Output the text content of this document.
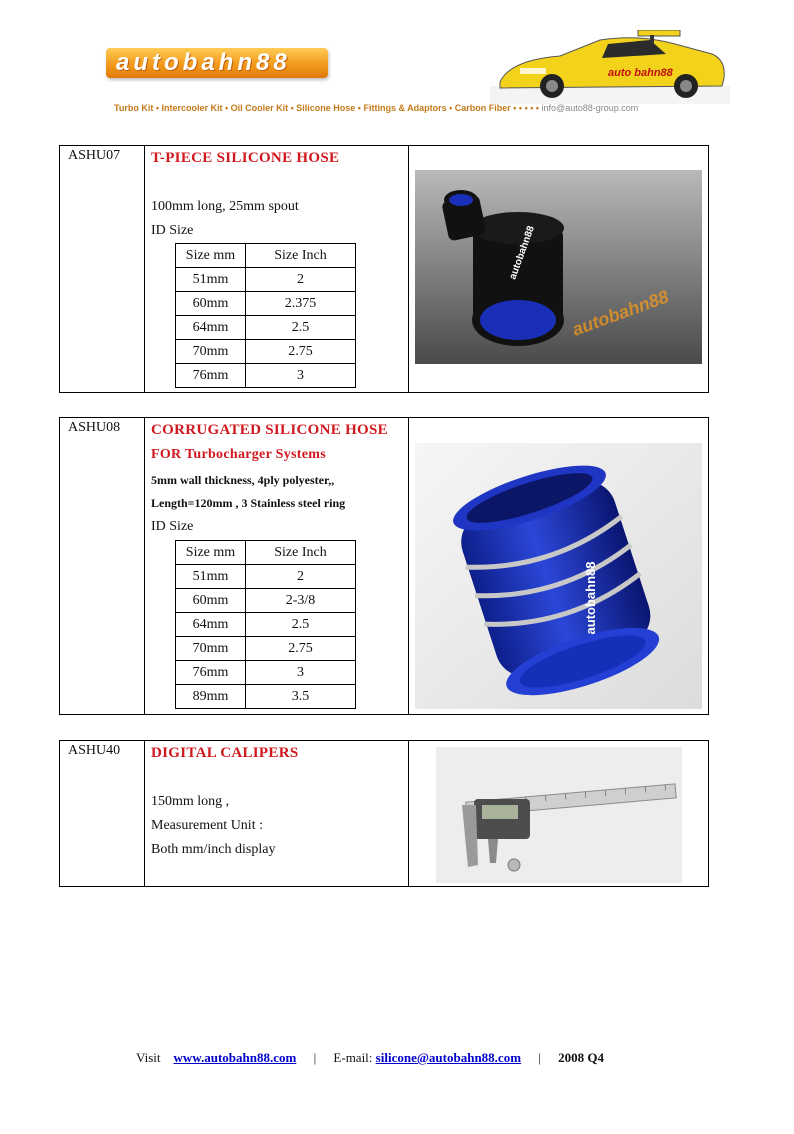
autobahn88	auto bahn88
Turbo Kit • Intercooler Kit • Oil Cooler Kit • Silicone Hose • Fittings & Adaptors • Carbon Fiber • • • • • info@auto88-group.com
ASHU07 T-PIECE SILICONE HOSE
100mm long, 25mm spout
ID Size
Size mm	Size Inch
51mm	2
60mm	2.375
64mm	2.5
70mm	2.75
76mm	3
autobahn88
autobahn88
ASHU08 CORRUGATED SILICONE HOSE
FOR Turbocharger Systems
5mm wall thickness, 4ply polyester,,
Length=120mm , 3 Stainless steel ring
ID Size
Size mm	Size Inch
51mm	2
60mm	2-3/8
64mm	2.5
70mm	2.75
76mm	3
89mm	3.5
autobahn88
ASHU40 DIGITAL CALIPERS
150mm long ,
Measurement Unit :
Both mm/inch display
Visit www.autobahn88.com | E-mail: silicone@autobahn88.com | 2008 Q4
